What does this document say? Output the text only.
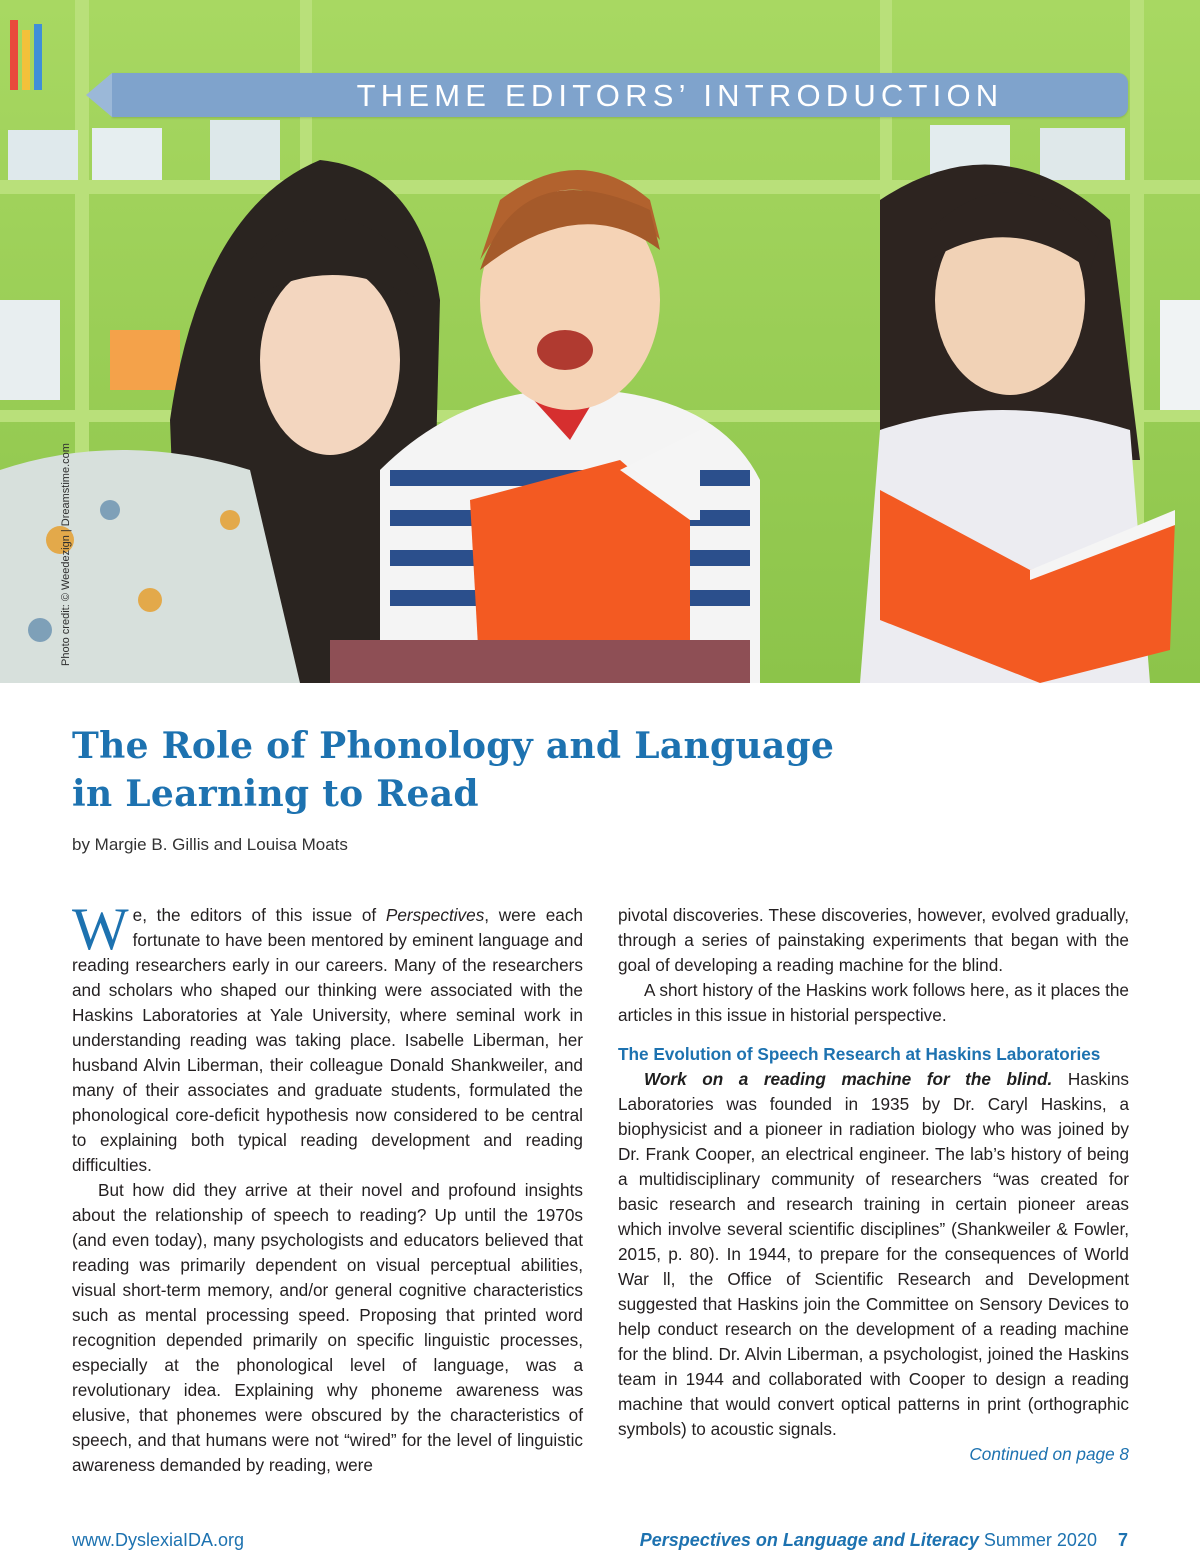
THEME EDITORS’ INTRODUCTION
Photo credit: © Weedezign | Dreamstime.com
The Role of Phonology and Language
in Learning to Read
by Margie B. Gillis and Louisa Moats

We, the editors of this issue of Perspectives, were each fortunate to have been mentored by eminent language and reading researchers early in our careers. Many of the researchers and scholars who shaped our thinking were associated with the Haskins Laboratories at Yale University, where seminal work in understanding reading was taking place. Isabelle Liberman, her husband Alvin Liberman, their colleague Donald Shankweiler, and many of their associates and graduate students, formulated the phonological core-deficit hypothesis now considered to be central to explaining both typical reading development and reading difficulties.

But how did they arrive at their novel and profound insights about the relationship of speech to reading? Up until the 1970s (and even today), many psychologists and educators believed that reading was primarily dependent on visual perceptual abilities, visual short-term memory, and/or general cognitive characteristics such as mental processing speed. Proposing that printed word recognition depended primarily on specific linguistic processes, especially at the phonological level of language, was a revolutionary idea. Explaining why phoneme awareness was elusive, that phonemes were obscured by the characteristics of speech, and that humans were not “wired” for the level of linguistic awareness demanded by reading, were

pivotal discoveries. These discoveries, however, evolved gradually, through a series of painstaking experiments that began with the goal of developing a reading machine for the blind.

A short history of the Haskins work follows here, as it places the articles in this issue in historial perspective.

The Evolution of Speech Research at Haskins Laboratories

Work on a reading machine for the blind. Haskins Laboratories was founded in 1935 by Dr. Caryl Haskins, a biophysicist and a pioneer in radiation biology who was joined by Dr. Frank Cooper, an electrical engineer. The lab’s history of being a multidisciplinary community of researchers “was created for basic research and research training in certain pioneer areas which involve several scientific disciplines” (Shankweiler & Fowler, 2015, p. 80). In 1944, to prepare for the consequences of World War ll, the Office of Scientific Research and Development suggested that Haskins join the Committee on Sensory Devices to help conduct research on the development of a reading machine for the blind. Dr. Alvin Liberman, a psychologist, joined the Haskins team in 1944 and collaborated with Cooper to design a reading machine that would convert optical patterns in print (orthographic symbols) to acoustic signals.

Continued on page 8

www.DyslexiaIDA.org	Perspectives on Language and Literacy Summer 2020 7
